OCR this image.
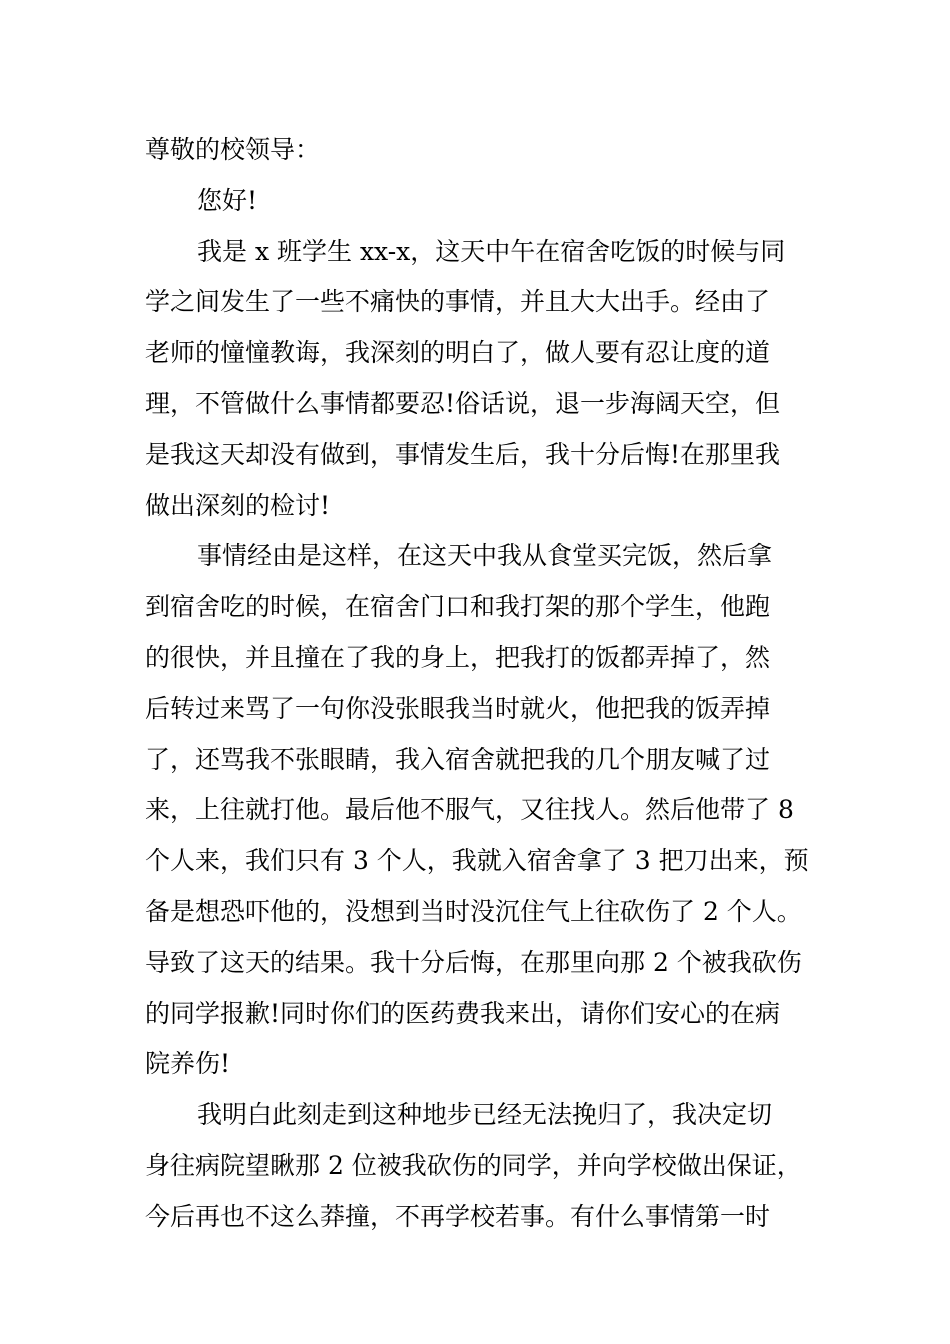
尊敬的校领导：
您好!
我是 x 班学生 xx-x，这天中午在宿舍吃饭的时候与同
学之间发生了一些不痛快的事情，并且大大出手。经由了
老师的憧憧教诲，我深刻的明白了，做人要有忍让度的道
理，不管做什么事情都要忍!俗话说，退一步海阔天空，但
是我这天却没有做到，事情发生后，我十分后悔!在那里我
做出深刻的检讨!
事情经由是这样，在这天中我从食堂买完饭，然后拿
到宿舍吃的时候，在宿舍门口和我打架的那个学生，他跑
的很快，并且撞在了我的身上，把我打的饭都弄掉了，然
后转过来骂了一句你没张眼我当时就火，他把我的饭弄掉
了，还骂我不张眼睛，我入宿舍就把我的几个朋友喊了过
来，上往就打他。最后他不服气，又往找人。然后他带了 8
个人来，我们只有 3 个人，我就入宿舍拿了 3 把刀出来，预
备是想恐吓他的，没想到当时没沉住气上往砍伤了 2 个人。
导致了这天的结果。我十分后悔，在那里向那 2 个被我砍伤
的同学报歉!同时你们的医药费我来出，请你们安心的在病
院养伤!
我明白此刻走到这种地步已经无法挽归了，我决定切
身往病院望瞅那 2 位被我砍伤的同学，并向学校做出保证，
今后再也不这么莽撞，不再学校若事。有什么事情第一时
